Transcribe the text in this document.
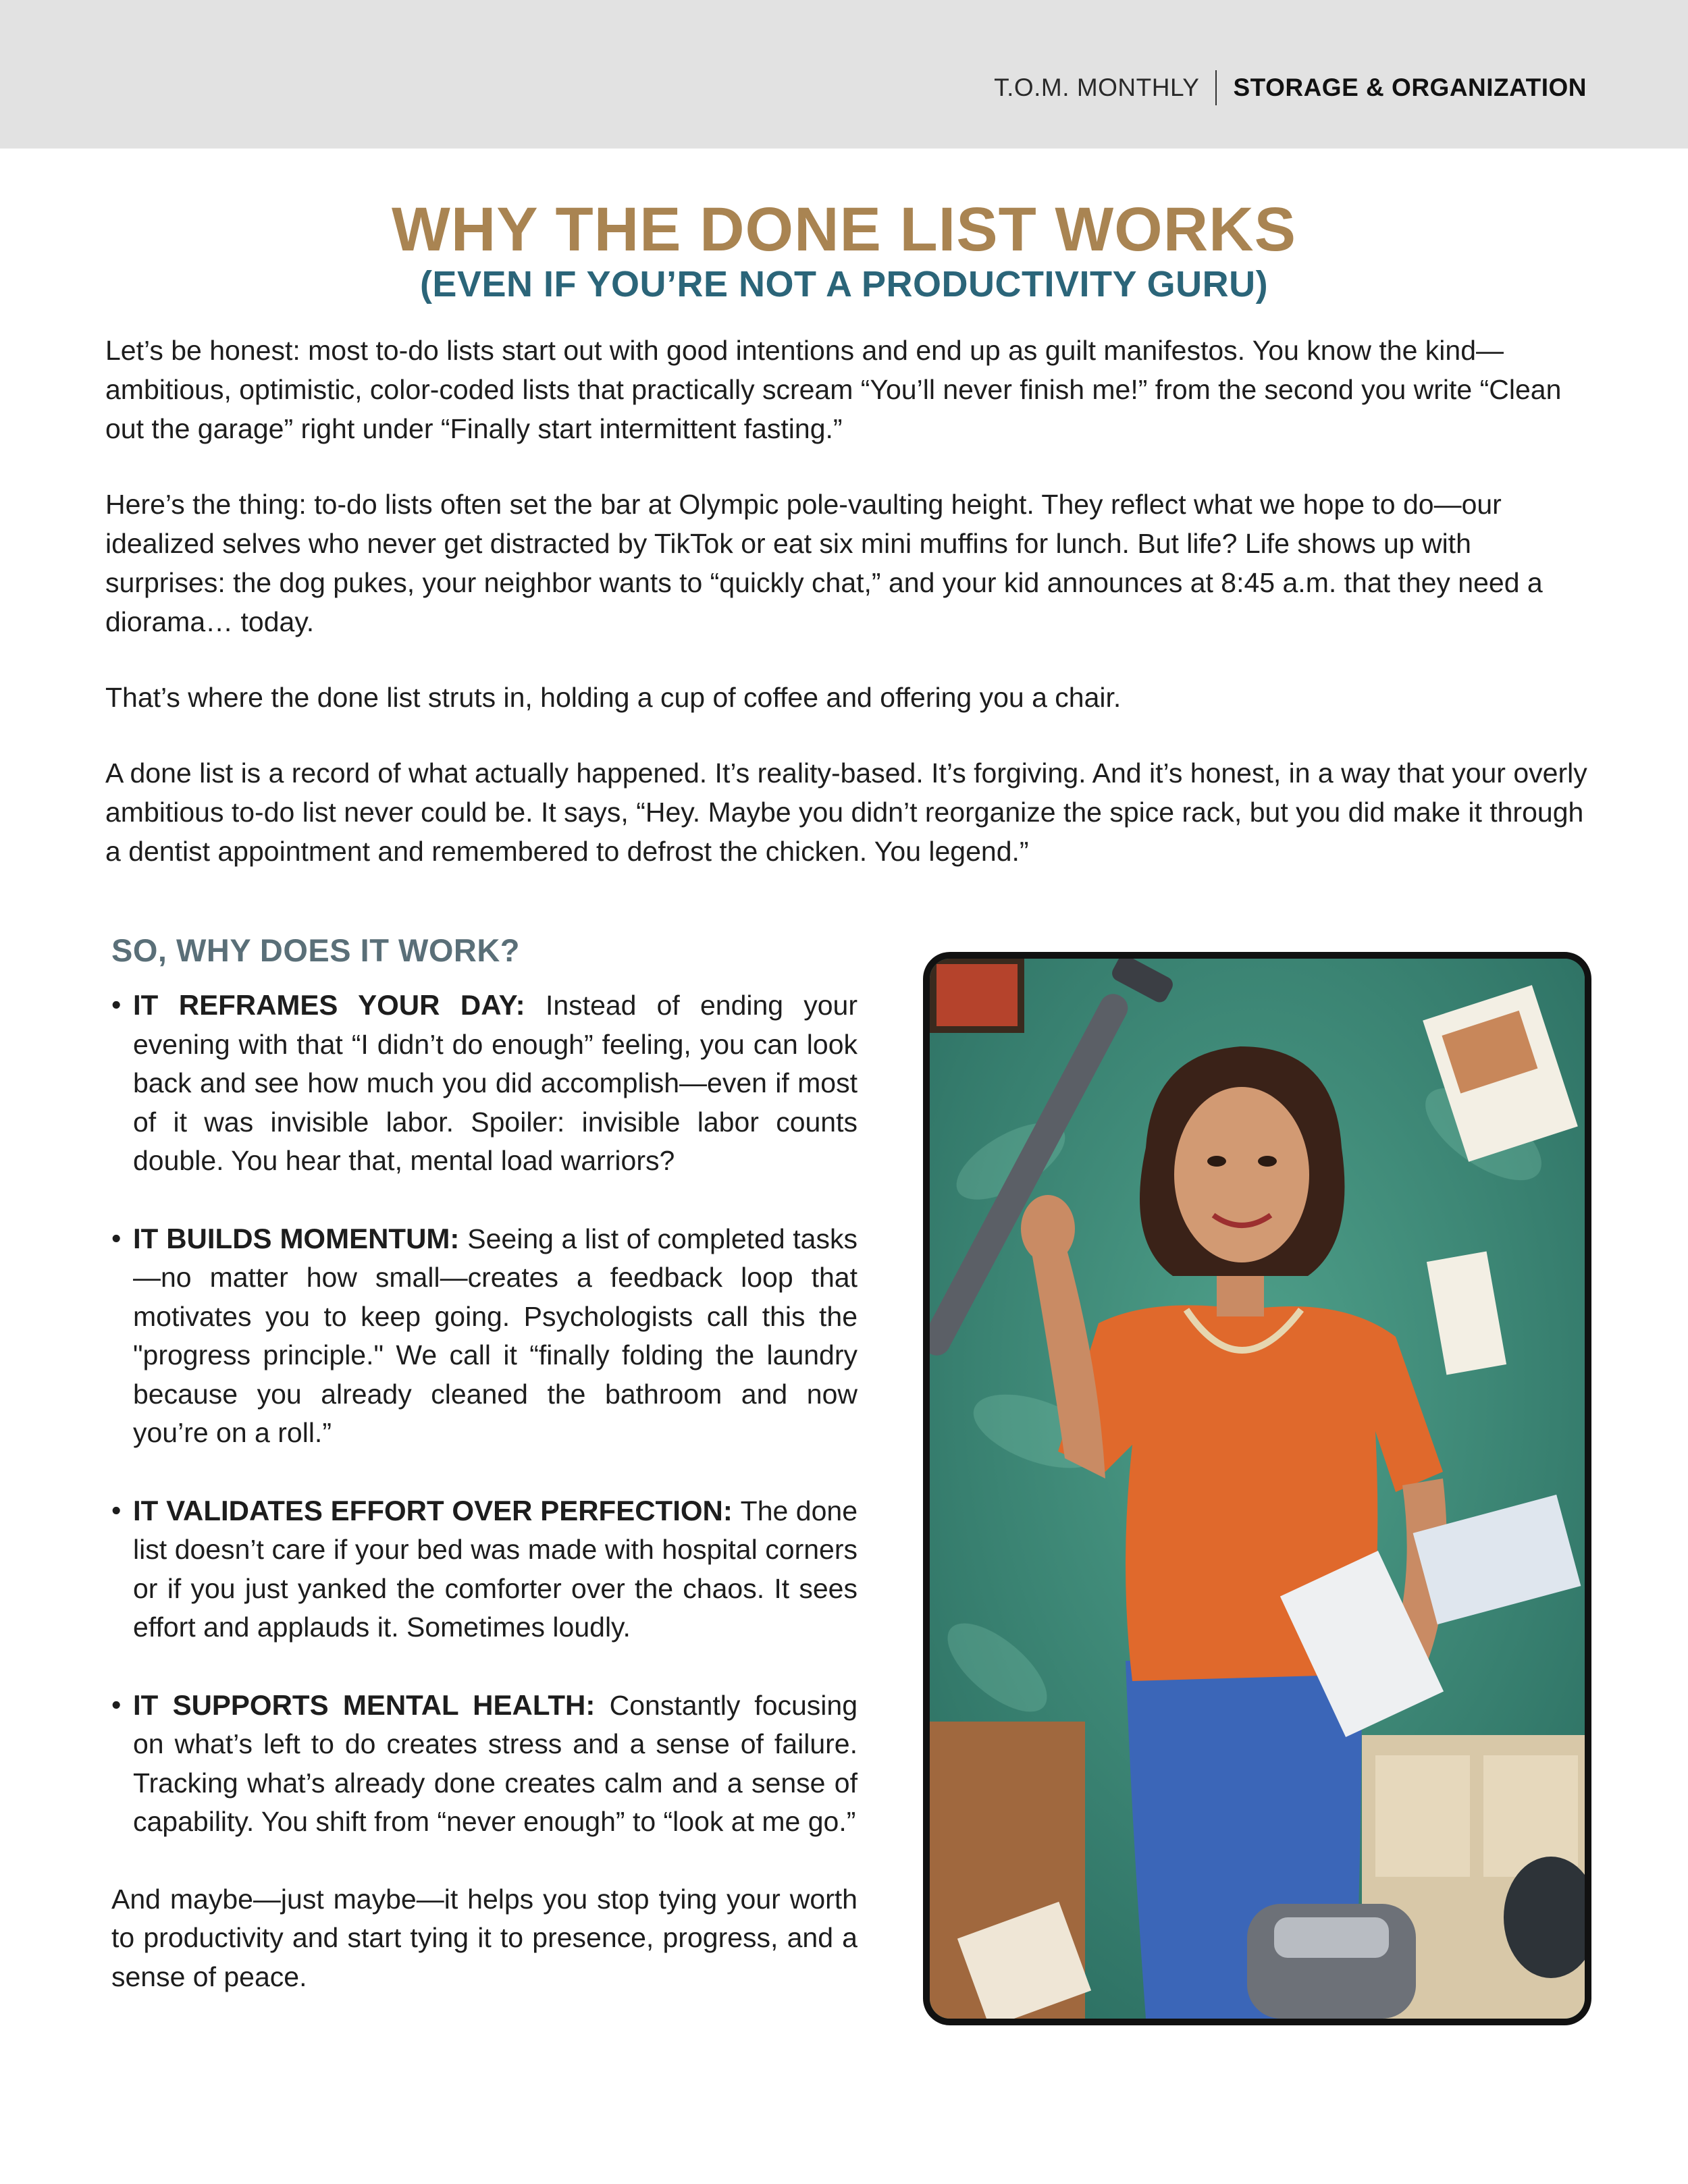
T.O.M. MONTHLY STORAGE & ORGANIZATION
WHY THE DONE LIST WORKS
(EVEN IF YOU’RE NOT A PRODUCTIVITY GURU)

Let’s be honest: most to-do lists start out with good intentions and end up as guilt manifestos. You know the kind—ambitious, optimistic, color-coded lists that practically scream “You’ll never finish me!” from the second you write “Clean out the garage” right under “Finally start intermittent fasting.”

Here’s the thing: to-do lists often set the bar at Olympic pole-vaulting height. They reflect what we hope to do—our idealized selves who never get distracted by TikTok or eat six mini muffins for lunch. But life? Life shows up with surprises: the dog pukes, your neighbor wants to “quickly chat,” and your kid announces at 8:45 a.m. that they need a diorama… today.

That’s where the done list struts in, holding a cup of coffee and offering you a chair.

A done list is a record of what actually happened. It’s reality-based. It’s forgiving. And it’s honest, in a way that your overly ambitious to-do list never could be. It says, “Hey. Maybe you didn’t reorganize the spice rack, but you did make it through a dentist appointment and remembered to defrost the chicken. You legend.”

SO, WHY DOES IT WORK?
• IT REFRAMES YOUR DAY: Instead of ending your evening with that “I didn’t do enough” feeling, you can look back and see how much you did accomplish—even if most of it was invisible labor. Spoiler: invisible labor counts double. You hear that, mental load warriors?
• IT BUILDS MOMENTUM: Seeing a list of completed tasks—no matter how small—creates a feedback loop that motivates you to keep going. Psychologists call this the "progress principle." We call it “finally folding the laundry because you already cleaned the bathroom and now you’re on a roll.”
• IT VALIDATES EFFORT OVER PERFECTION: The done list doesn’t care if your bed was made with hospital corners or if you just yanked the comforter over the chaos. It sees effort and applauds it. Sometimes loudly.
• IT SUPPORTS MENTAL HEALTH: Constantly focusing on what’s left to do creates stress and a sense of failure. Tracking what’s already done creates calm and a sense of capability. You shift from “never enough” to “look at me go.”

And maybe—just maybe—it helps you stop tying your worth to productivity and start tying it to presence, progress, and a sense of peace.
